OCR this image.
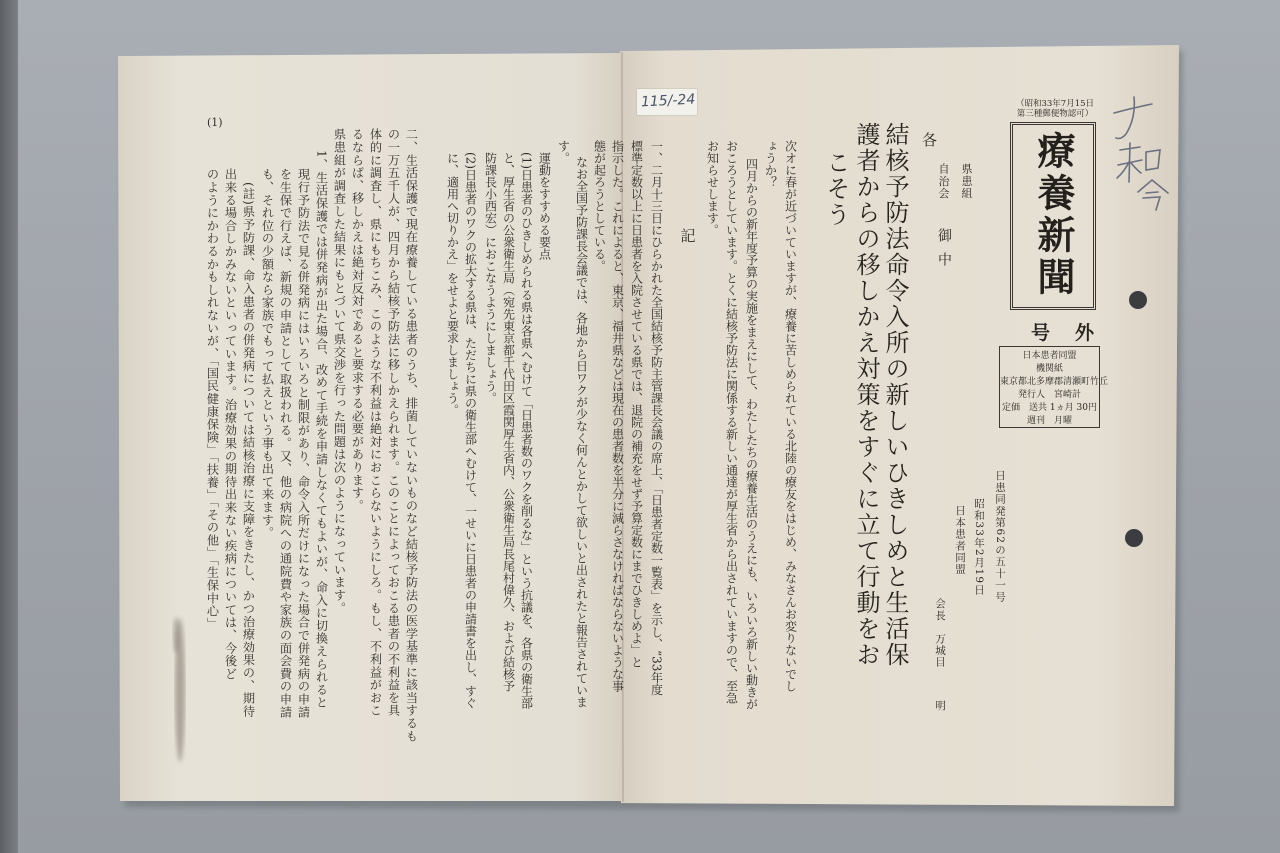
115/-24	（昭和33年7月15日
第三種郵便物認可）
療養新聞
号　外
日本患者同盟
機関紙
東京都北多摩郡清瀬町竹丘
発行人　宮崎計
定価　送共 1ヵ月 30円
週刊　月曜
日患同発第62の五十一号
昭和33年2月19日
日本患者同盟
会長　万城目
明
各
県患組
自治会
御中
結核予防法命令入所の新しいひきしめと生活保
護者からの移しかえ対策をすぐに立て行動をお
こそう
次オに春が近づいていますが、療養に苦しめられている北陸の療友をはじめ、みなさんお変りないでし
ょうか？
四月からの新年度予算の実施をまえにして、わたしたちの療養生活のうえにも、いろいろ新しい動きが
おころうとしています。とくに結核予防法に関係する新しい通達が厚生省から出されていますので、至急
お知らせします。
記
一、二月十三日にひらかれた全国結核予防主管課長会議の席上、「日患者定数一覧表」を示し、“33年度
標準定数以上に日患者を入院させている県では、退院の補充をせず予算定数にまでひきしめよ」と
指示した。これによると、東京、福井県などは現在の患者数を半分に減らさなければならないような事
態が起ろうとしている。
なお全国予防課長会議では、各地から日ワクが少なく何んとかして欲しいと出されたと報告されていま
す。
運動をすすめる要点
(1)日患者のひきしめられる県は各県へむけて「日患者数のワクを削るな」という抗議を、各県の衛生部
と、厚生省の公衆衛生局（宛先東京都千代田区霞関厚生省内、公衆衛生局長尾村偉久、および結核予
防課長小西宏）におこなうようにしましょう。
(2)日患者のワクの拡大する県は、ただちに県の衛生部へむけて、一せいに日患者の申請書を出し、すぐ
に、適用へ切りかえ」をせよと要求しましょう。
(1)
二、生活保護で現在療養している患者のうち、排菌していないものなど結核予防法の医学基準に該当するも
の一万五千人が、四月から結核予防法に移しかえられます。このことによっておこる患者の不利益を具
体的に調査し、県にもちこみ、このような不利益は絶対におこらないようにしろ。もし、不利益がおこ
るならば、移しかえは絶対反対であると要求する必要があります。
県患組が調査した結果にもとづいて県交渉を行った問題は次のようになっています。
1、生活保護では併発病が出た場合、改めて手続を申請しなくてもよいが、命入に切換えられると
現行予防法で見る併発病にはいろいろと制限があり、命令入所だけになった場合で併発病の申請
を生保で行えば、新規の申請として取扱われる。又、他の病院への通院費や家族の面会費の申請
も、それ位の少額なら家族でもって払えという事も出て来ます。
(註)県予防課、命入患者の併発病については結核治療に支障をきたし、かつ治療効果の、期待
出来る場合しかみないといっています。治療効果の期待出来ない疾病については、今後ど
のようにかわるかもしれないが、「国民健康保険」「扶養」「その他」「生保中心」
